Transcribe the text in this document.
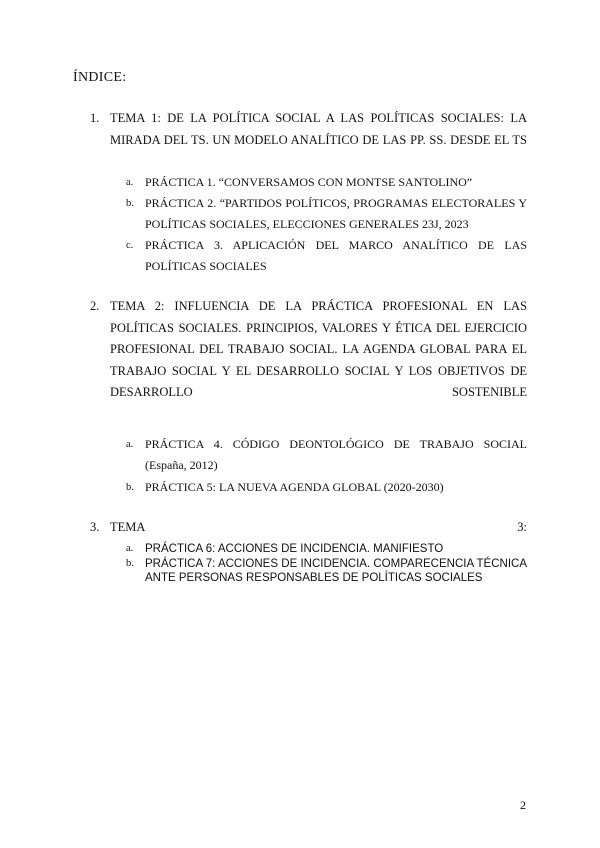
ÍNDICE:
1. TEMA 1: DE LA POLÍTICA SOCIAL A LAS POLÍTICAS SOCIALES: LA MIRADA DEL TS. UN MODELO ANALÍTICO DE LAS PP. SS. DESDE EL TS
a. PRÁCTICA 1. “CONVERSAMOS CON MONTSE SANTOLINO”
b. PRÁCTICA 2. “PARTIDOS POLÍTICOS, PROGRAMAS ELECTORALES Y POLÍTICAS SOCIALES, ELECCIONES GENERALES 23J, 2023
c. PRÁCTICA 3. APLICACIÓN DEL MARCO ANALÍTICO DE LAS POLÍTICAS SOCIALES
2. TEMA 2: INFLUENCIA DE LA PRÁCTICA PROFESIONAL EN LAS POLÍTICAS SOCIALES. PRINCIPIOS, VALORES Y ÉTICA DEL EJERCICIO PROFESIONAL DEL TRABAJO SOCIAL. LA AGENDA GLOBAL PARA EL TRABAJO SOCIAL Y EL DESARROLLO SOCIAL Y LOS OBJETIVOS DE DESARROLLO SOSTENIBLE
a. PRÁCTICA 4. CÓDIGO DEONTOLÓGICO DE TRABAJO SOCIAL (España, 2012)
b. PRÁCTICA 5: LA NUEVA AGENDA GLOBAL (2020-2030)
3. TEMA 3:
a. PRÁCTICA 6: ACCIONES DE INCIDENCIA. MANIFIESTO
b. PRÁCTICA 7: ACCIONES DE INCIDENCIA. COMPARECENCIA TÉCNICA ANTE PERSONAS RESPONSABLES DE POLÍTICAS SOCIALES
2
